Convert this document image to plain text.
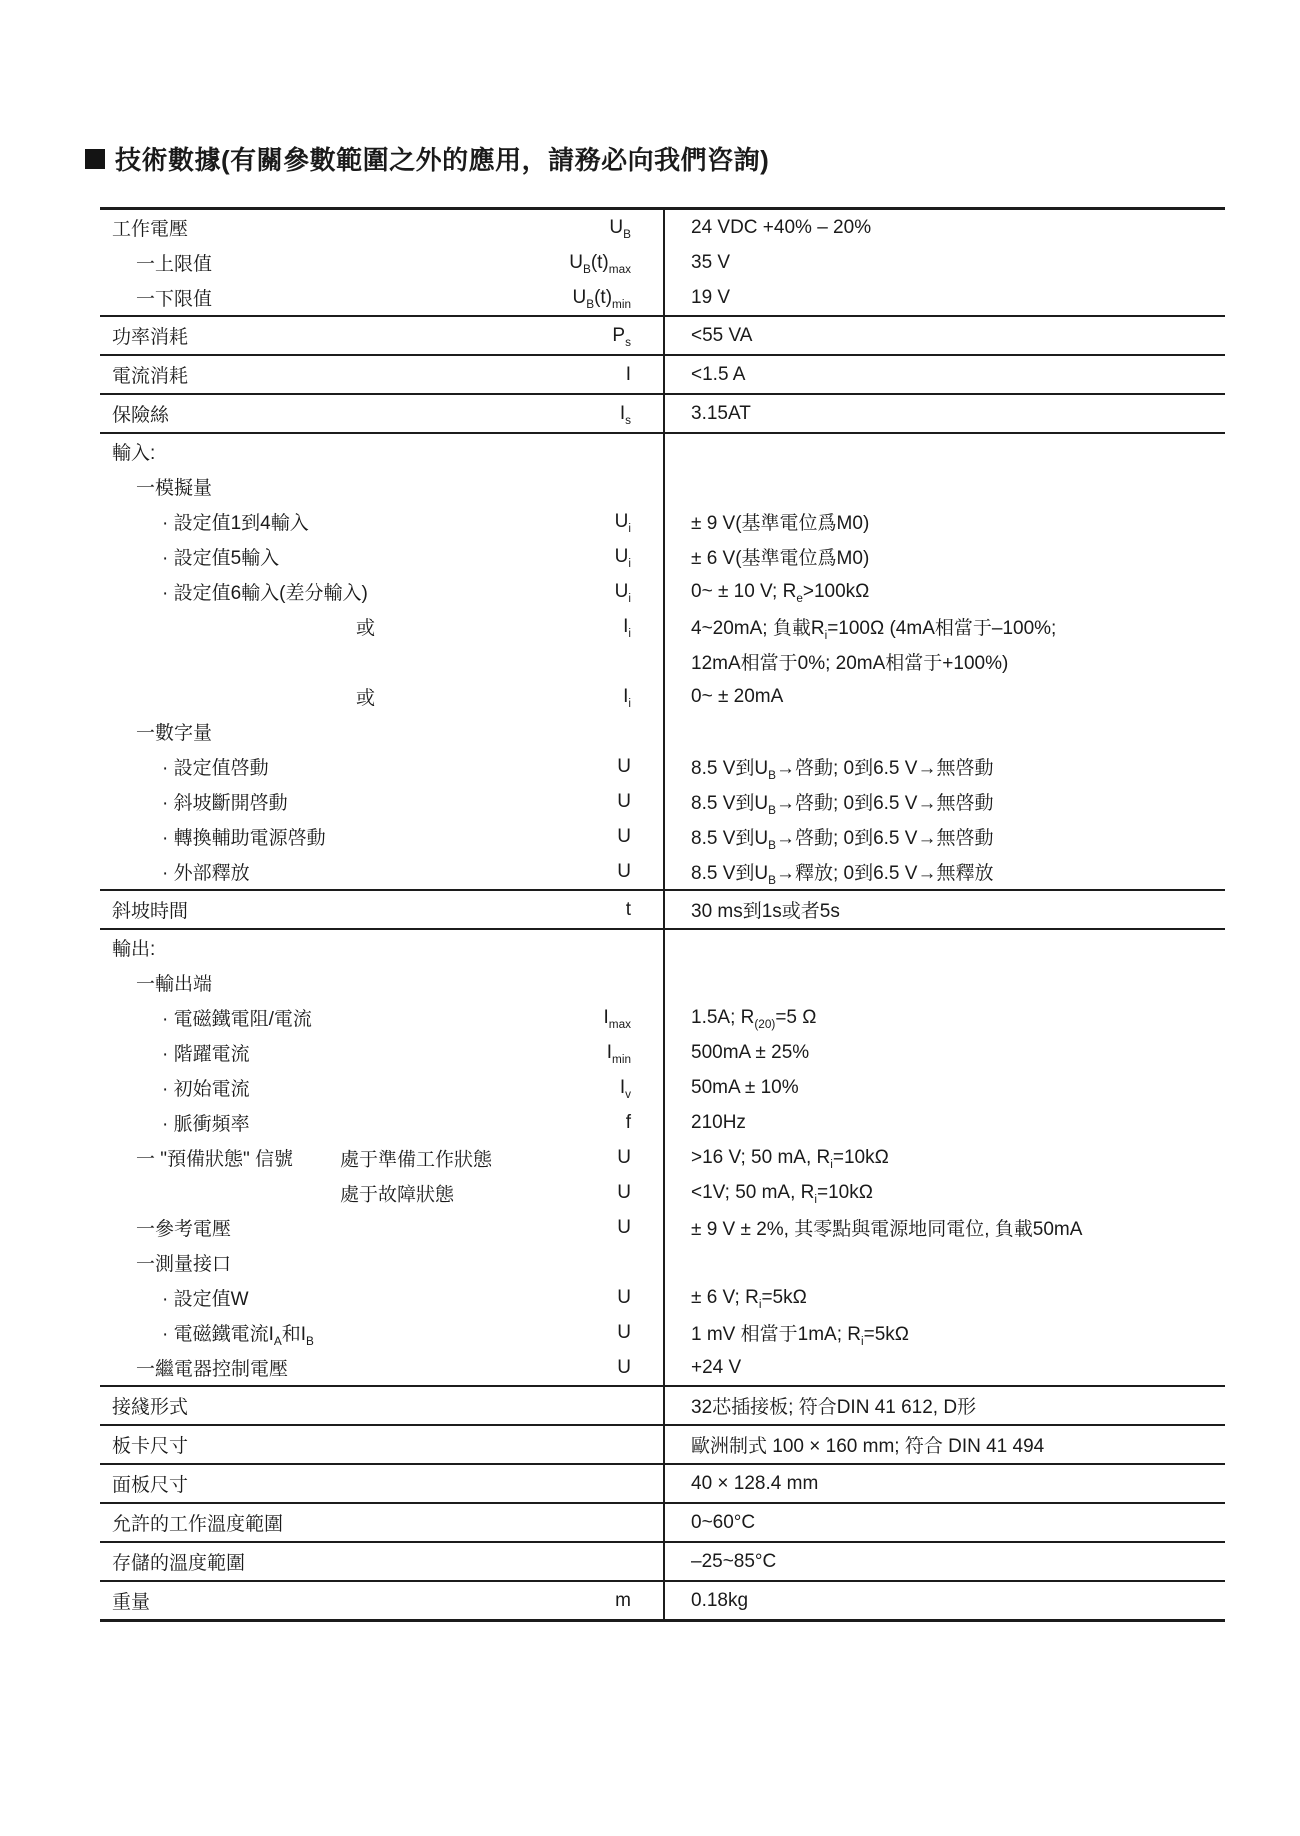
技術數據(有關參數範圍之外的應用，請務必向我們咨詢)
工作電壓	$U_B$	24 VDC +40% – 20%
一上限值	$U_B(t)_{max}$	35 V
一下限值	$U_B(t)_{min}$	19 V
功率消耗	$P_s$	<55 VA
電流消耗	I	<1.5 A
保險絲	$I_s$	3.15AT
輸入:
一模擬量
· 設定值1到4輸入	$U_i$	± 9 V(基準電位爲M0)
· 設定值5輸入	$U_i$	± 6 V(基準電位爲M0)
· 設定值6輸入(差分輸入)	$U_i$	0~ ± 10 V; $R_e>100k\Omega$
或	$I_i$	4~20mA; 負載$R_i=100\Omega$ (4mA相當于–100%;
12mA相當于0%; 20mA相當于+100%)
或	$I_i$	0~ ± 20mA
一數字量
· 設定值啓動	U	8.5 V到$U_B\to$啓動; 0到6.5 V→無啓動
· 斜坡斷開啓動	U	8.5 V到$U_B\to$啓動; 0到6.5 V→無啓動
· 轉換輔助電源啓動	U	8.5 V到$U_B\to$啓動; 0到6.5 V→無啓動
· 外部釋放	U	8.5 V到$U_B\to$釋放; 0到6.5 V→無釋放
斜坡時間	t	30 ms到1s或者5s
輸出:
一輸出端
· 電磁鐵電阻/電流	$I_{max}$	1.5A; $R_{(20)}=5$ Ω
· 階躍電流	$I_{min}$	500mA ± 25%
· 初始電流	$I_v$	50mA ± 10%
· 脈衝頻率	f	210Hz
一 "預備狀態" 信號 處于準備工作狀態	U	>16 V; 50 mA, $R_i=10k\Omega$
處于故障狀態	U	<1V; 50 mA, $R_i=10k\Omega$
一參考電壓	U	± 9 V ± 2%, 其零點與電源地同電位, 負載50mA
一測量接口
· 設定值W	U	± 6 V; $R_i=5k\Omega$
· 電磁鐵電流$I_A$和$I_B$	U	1 mV 相當于1mA; $R_i=5k\Omega$
一繼電器控制電壓	U	+24 V
接綫形式	32芯插接板; 符合DIN 41 612, D形
板卡尺寸	歐洲制式 100 × 160 mm; 符合 DIN 41 494
面板尺寸	40 × 128.4 mm
允許的工作溫度範圍	0~60°C
存儲的溫度範圍	–25~85°C
重量	m	0.18kg
